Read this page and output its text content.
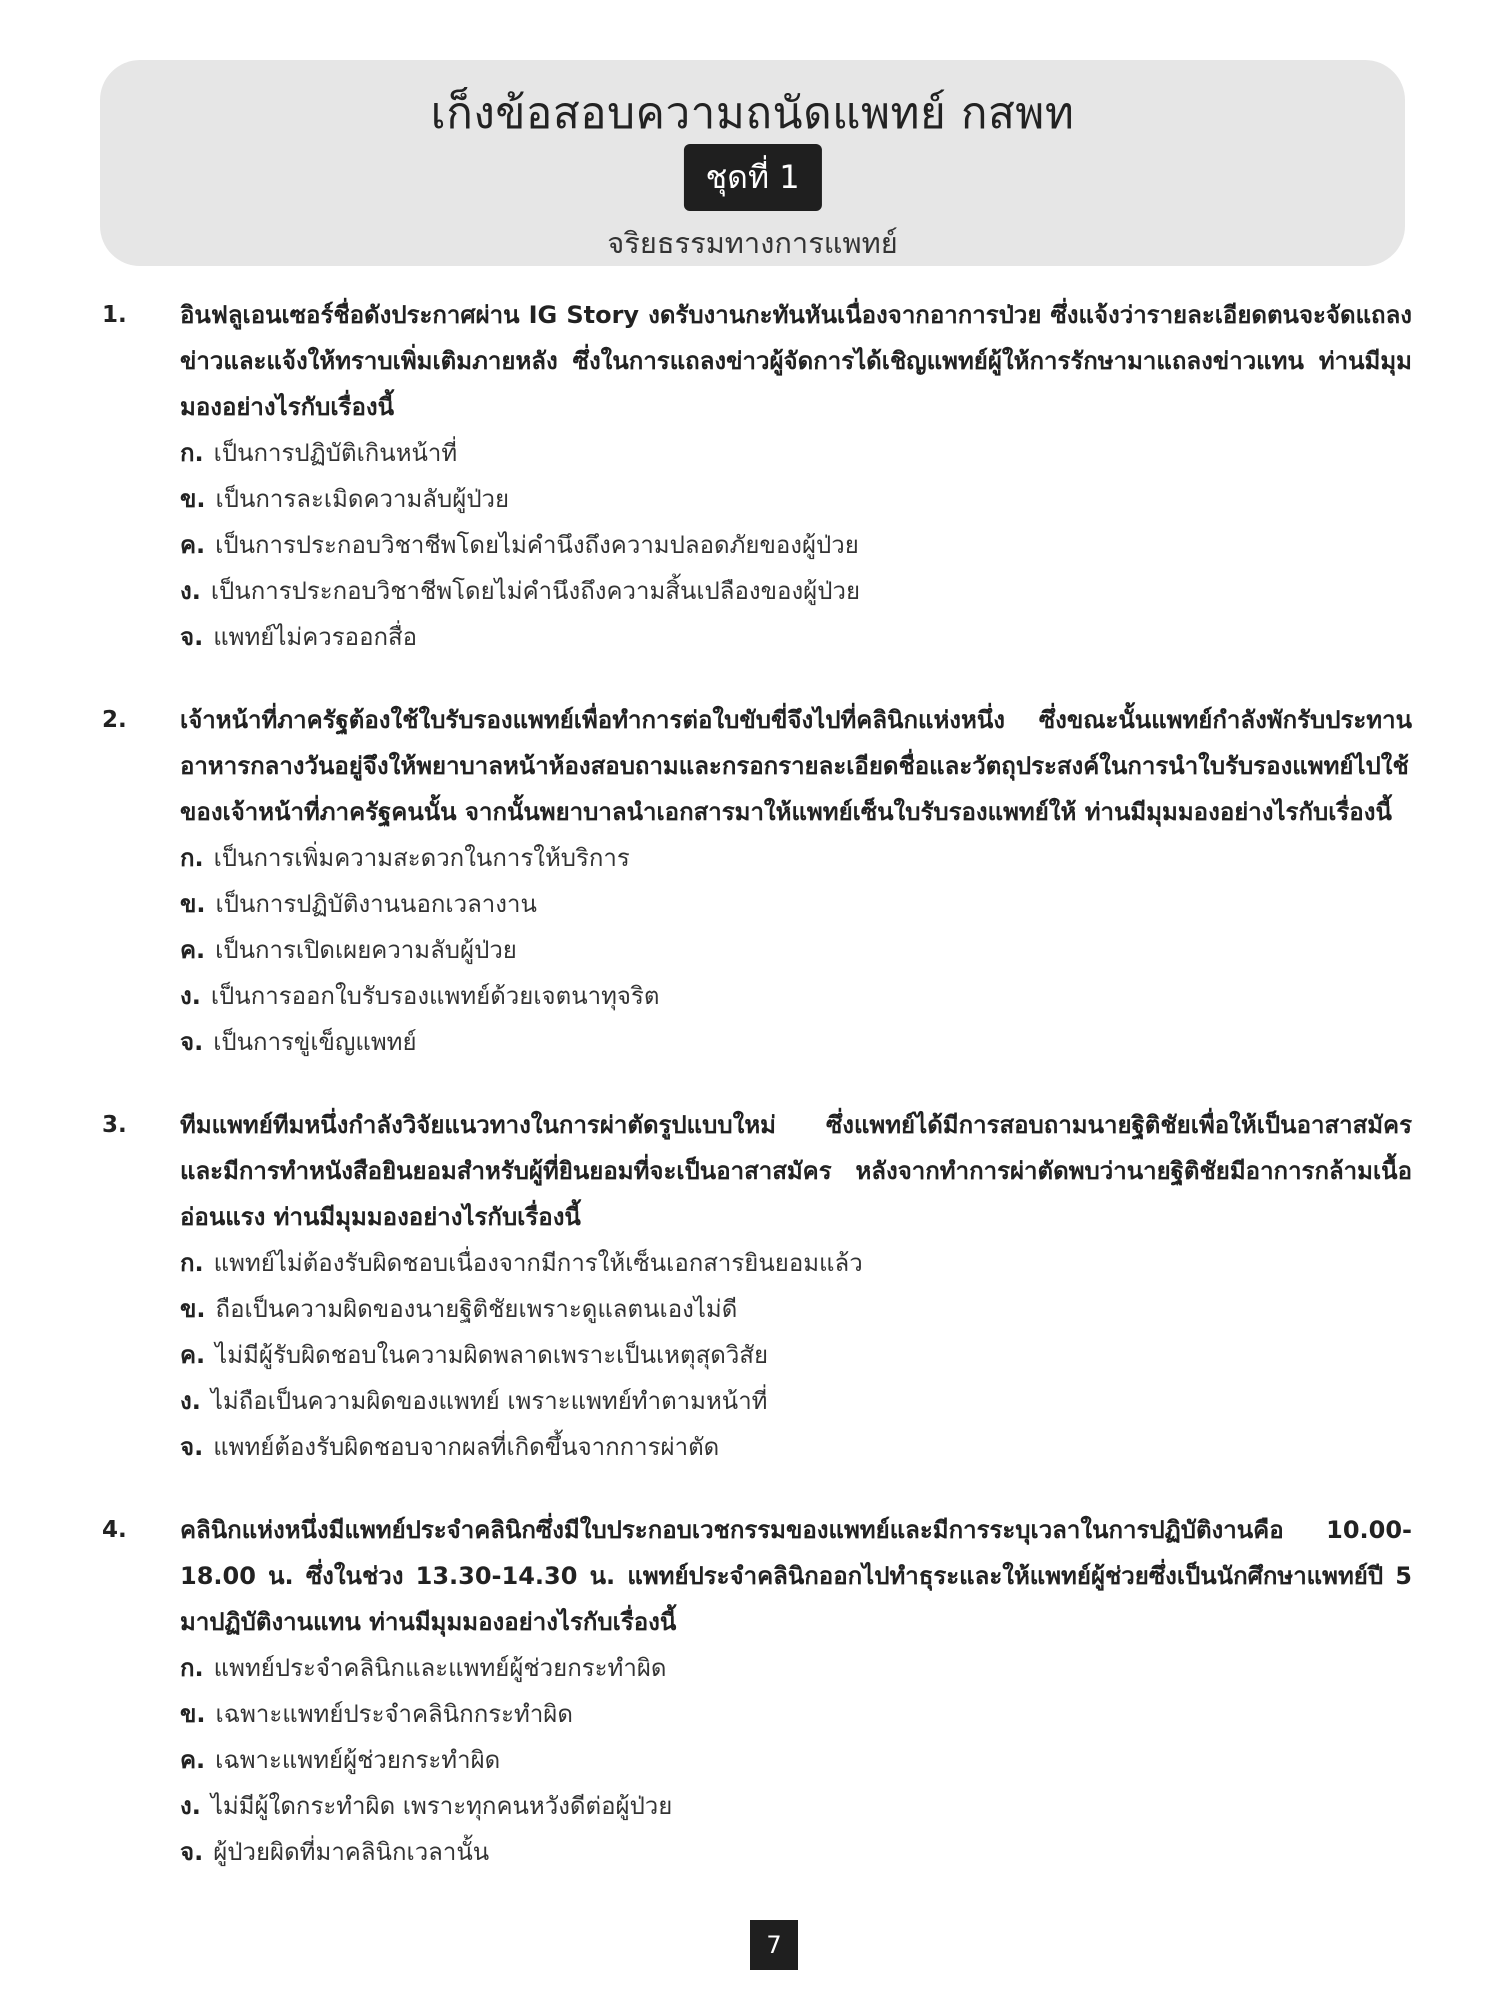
เก็งข้อสอบความถนัดแพทย์ กสพท
ชุดที่ 1
จริยธรรมทางการแพทย์
1. อินฟลูเอนเซอร์ชื่อดังประกาศผ่าน IG Story งดรับงานกะทันหันเนื่องจากอาการป่วย ซึ่งแจ้งว่ารายละเอียดตนจะจัดแถลงข่าวและแจ้งให้ทราบเพิ่มเติมภายหลัง ซึ่งในการแถลงข่าวผู้จัดการได้เชิญแพทย์ผู้ให้การรักษามาแถลงข่าวแทน ท่านมีมุมมองอย่างไรกับเรื่องนี้
ก. เป็นการปฏิบัติเกินหน้าที่
ข. เป็นการละเมิดความลับผู้ป่วย
ค. เป็นการประกอบวิชาชีพโดยไม่คำนึงถึงความปลอดภัยของผู้ป่วย
ง. เป็นการประกอบวิชาชีพโดยไม่คำนึงถึงความสิ้นเปลืองของผู้ป่วย
จ. แพทย์ไม่ควรออกสื่อ
2. เจ้าหน้าที่ภาครัฐต้องใช้ใบรับรองแพทย์เพื่อทำการต่อใบขับขี่จึงไปที่คลินิกแห่งหนึ่ง ซึ่งขณะนั้นแพทย์กำลังพักรับประทานอาหารกลางวันอยู่จึงให้พยาบาลหน้าห้องสอบถามและกรอกรายละเอียดชื่อและวัตถุประสงค์ในการนำใบรับรองแพทย์ไปใช้ของเจ้าหน้าที่ภาครัฐคนนั้น จากนั้นพยาบาลนำเอกสารมาให้แพทย์เซ็นใบรับรองแพทย์ให้ ท่านมีมุมมองอย่างไรกับเรื่องนี้
ก. เป็นการเพิ่มความสะดวกในการให้บริการ
ข. เป็นการปฏิบัติงานนอกเวลางาน
ค. เป็นการเปิดเผยความลับผู้ป่วย
ง. เป็นการออกใบรับรองแพทย์ด้วยเจตนาทุจริต
จ. เป็นการขู่เข็ญแพทย์
3. ทีมแพทย์ทีมหนึ่งกำลังวิจัยแนวทางในการผ่าตัดรูปแบบใหม่ ซึ่งแพทย์ได้มีการสอบถามนายฐิติชัยเพื่อให้เป็นอาสาสมัคร และมีการทำหนังสือยินยอมสำหรับผู้ที่ยินยอมที่จะเป็นอาสาสมัคร หลังจากทำการผ่าตัดพบว่านายฐิติชัยมีอาการกล้ามเนื้ออ่อนแรง ท่านมีมุมมองอย่างไรกับเรื่องนี้
ก. แพทย์ไม่ต้องรับผิดชอบเนื่องจากมีการให้เซ็นเอกสารยินยอมแล้ว
ข. ถือเป็นความผิดของนายฐิติชัยเพราะดูแลตนเองไม่ดี
ค. ไม่มีผู้รับผิดชอบในความผิดพลาดเพราะเป็นเหตุสุดวิสัย
ง. ไม่ถือเป็นความผิดของแพทย์ เพราะแพทย์ทำตามหน้าที่
จ. แพทย์ต้องรับผิดชอบจากผลที่เกิดขึ้นจากการผ่าตัด
4. คลินิกแห่งหนึ่งมีแพทย์ประจำคลินิกซึ่งมีใบประกอบเวชกรรมของแพทย์และมีการระบุเวลาในการปฏิบัติงานคือ 10.00-18.00 น. ซึ่งในช่วง 13.30-14.30 น. แพทย์ประจำคลินิกออกไปทำธุระและให้แพทย์ผู้ช่วยซึ่งเป็นนักศึกษาแพทย์ปี 5 มาปฏิบัติงานแทน ท่านมีมุมมองอย่างไรกับเรื่องนี้
ก. แพทย์ประจำคลินิกและแพทย์ผู้ช่วยกระทำผิด
ข. เฉพาะแพทย์ประจำคลินิกกระทำผิด
ค. เฉพาะแพทย์ผู้ช่วยกระทำผิด
ง. ไม่มีผู้ใดกระทำผิด เพราะทุกคนหวังดีต่อผู้ป่วย
จ. ผู้ป่วยผิดที่มาคลินิกเวลานั้น
7
